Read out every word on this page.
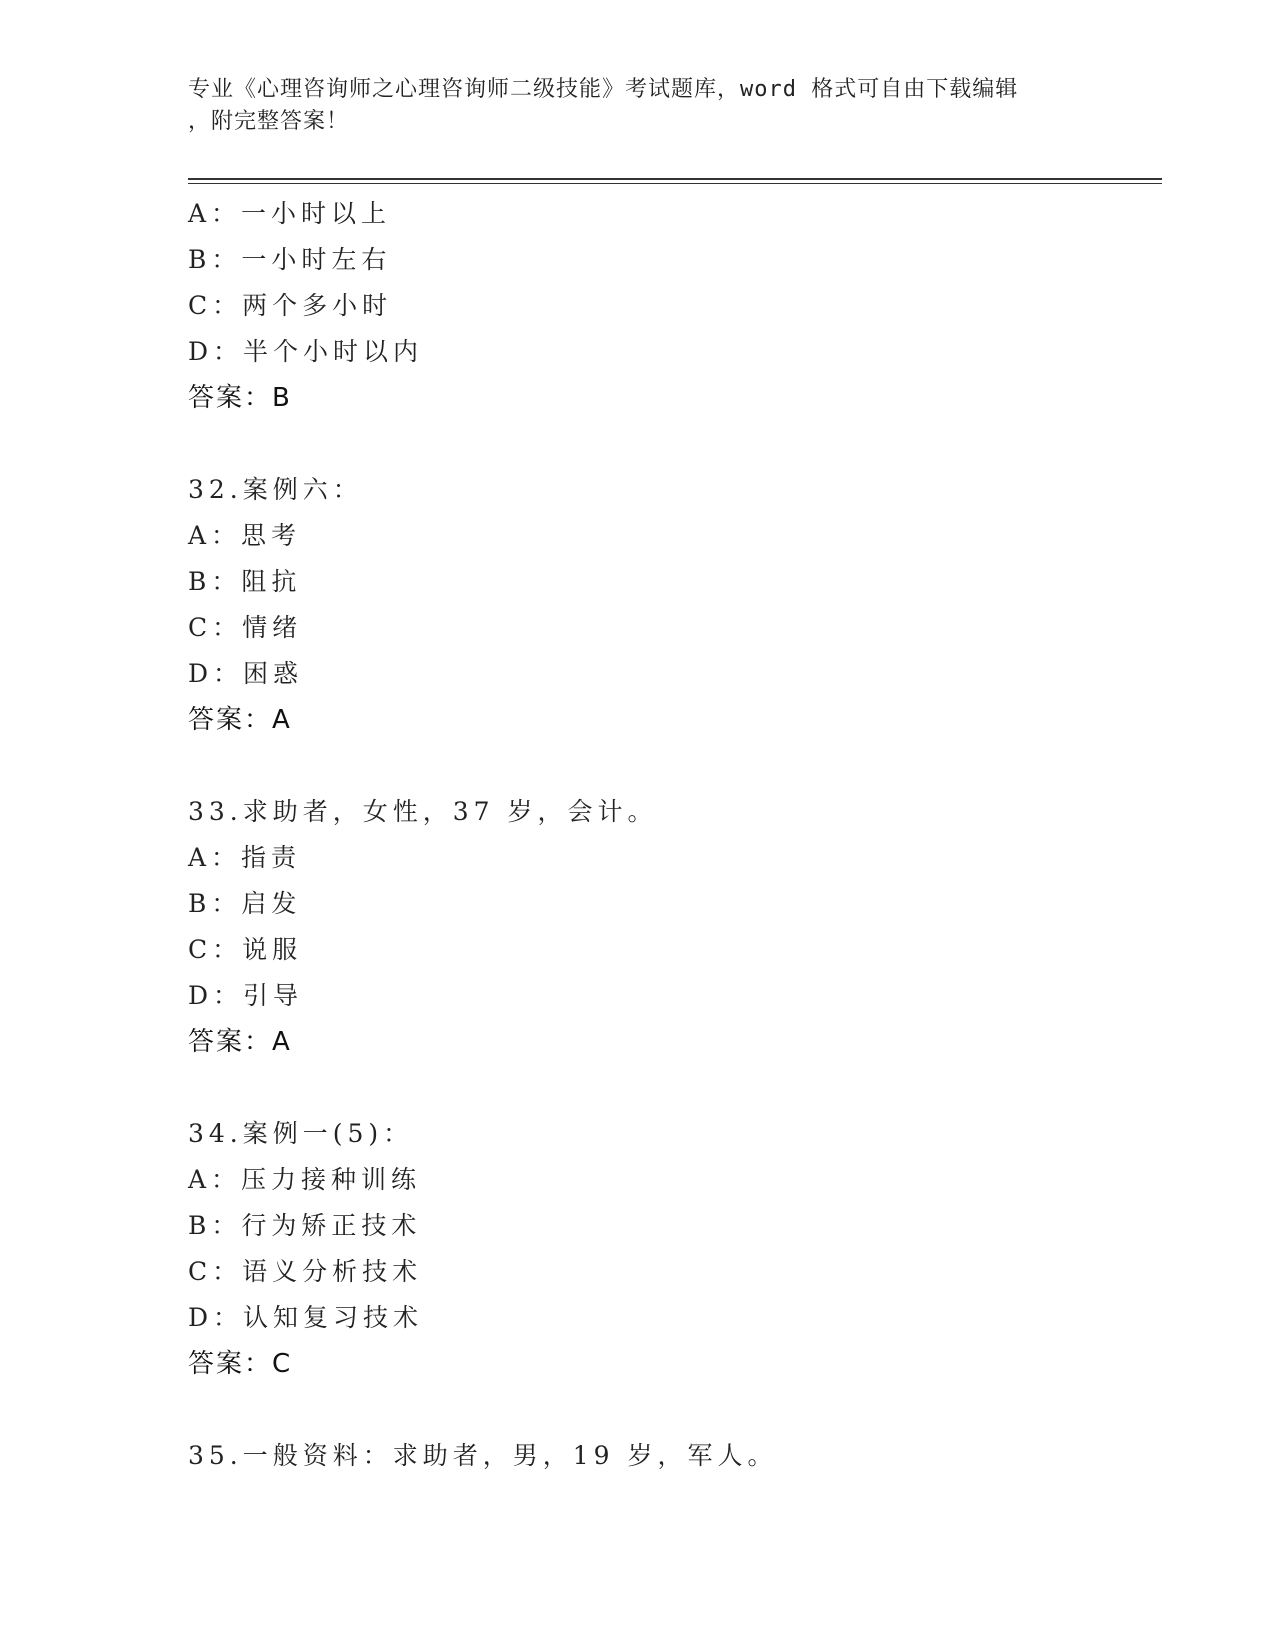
专业《心理咨询师之心理咨询师二级技能》考试题库，word 格式可自由下载编辑
，附完整答案！
A：一小时以上
B：一小时左右
C：两个多小时
D：半个小时以内
答案：B
32.案例六：
A：思考
B：阻抗
C：情绪
D：困惑
答案：A
33.求助者，女性，37 岁，会计。
A：指责
B：启发
C：说服
D：引导
答案：A
34.案例一(5)：
A：压力接种训练
B：行为矫正技术
C：语义分析技术
D：认知复习技术
答案：C
35.一般资料：求助者，男，19 岁，军人。
